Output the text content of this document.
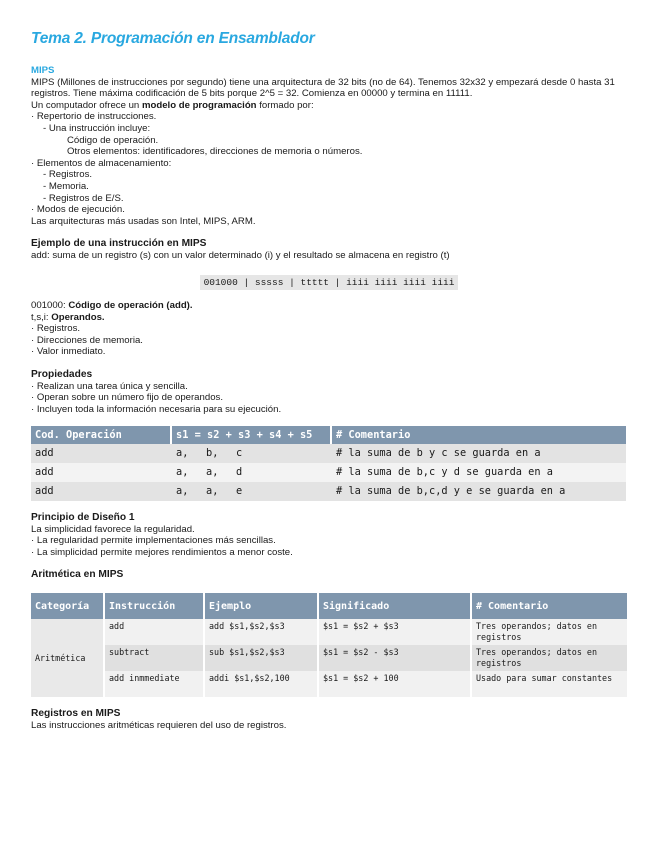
Tema 2. Programación en Ensamblador

MIPS

MIPS (Millones de instrucciones por segundo) tiene una arquitectura de 32 bits (no de 64). Tenemos 32x32 y empezará desde 0 hasta 31 registros. Tiene máxima codificación de 5 bits porque 2^5 = 32. Comienza en 00000 y termina en 11111.

Un computador ofrece un modelo de programación formado por:

· Repertorio de instrucciones.

- Una instrucción incluye:

Código de operación.

Otros elementos: identificadores, direcciones de memoria o números.

· Elementos de almacenamiento:

- Registros.

- Memoria.

- Registros de E/S.

· Modos de ejecución.

Las arquitecturas más usadas son Intel, MIPS, ARM.

Ejemplo de una instrucción en MIPS

add: suma de un registro (s) con un valor determinado (i) y el resultado se almacena en registro (t)

001000 | sssss | ttttt | iiii iiii iiii iiii

001000: Código de operación (add).

t,s,i: Operandos.

· Registros.

· Direcciones de memoria.

· Valor inmediato.

Propiedades

· Realizan una tarea única y sencilla.

· Operan sobre un número fijo de operandos.

· Incluyen toda la información necesaria para su ejecución.

Cod. Operación	s1 = s2 + s3 + s4 + s5			# Comentario
add	a,	b,	c	# la suma de b y c se guarda en a
add	a,	a,	d	# la suma de b,c y d se guarda en a
add	a,	a,	e	# la suma de b,c,d y e se guarda en a

Principio de Diseño 1

La simplicidad favorece la regularidad.

· La regularidad permite implementaciones más sencillas.

· La simplicidad permite mejores rendimientos a menor coste.

Aritmética en MIPS

Categoría	Instrucción	Ejemplo	Significado	# Comentario
Aritmética	add	add $s1,$s2,$s3	$s1 = $s2 + $s3	Tres operandos; datos en registros
	subtract	sub $s1,$s2,$s3	$s1 = $s2 - $s3	Tres operandos; datos en registros
	add inmmediate	addi $s1,$s2,100	$s1 = $s2 + 100	Usado para sumar constantes

Registros en MIPS

Las instrucciones aritméticas requieren del uso de registros.
